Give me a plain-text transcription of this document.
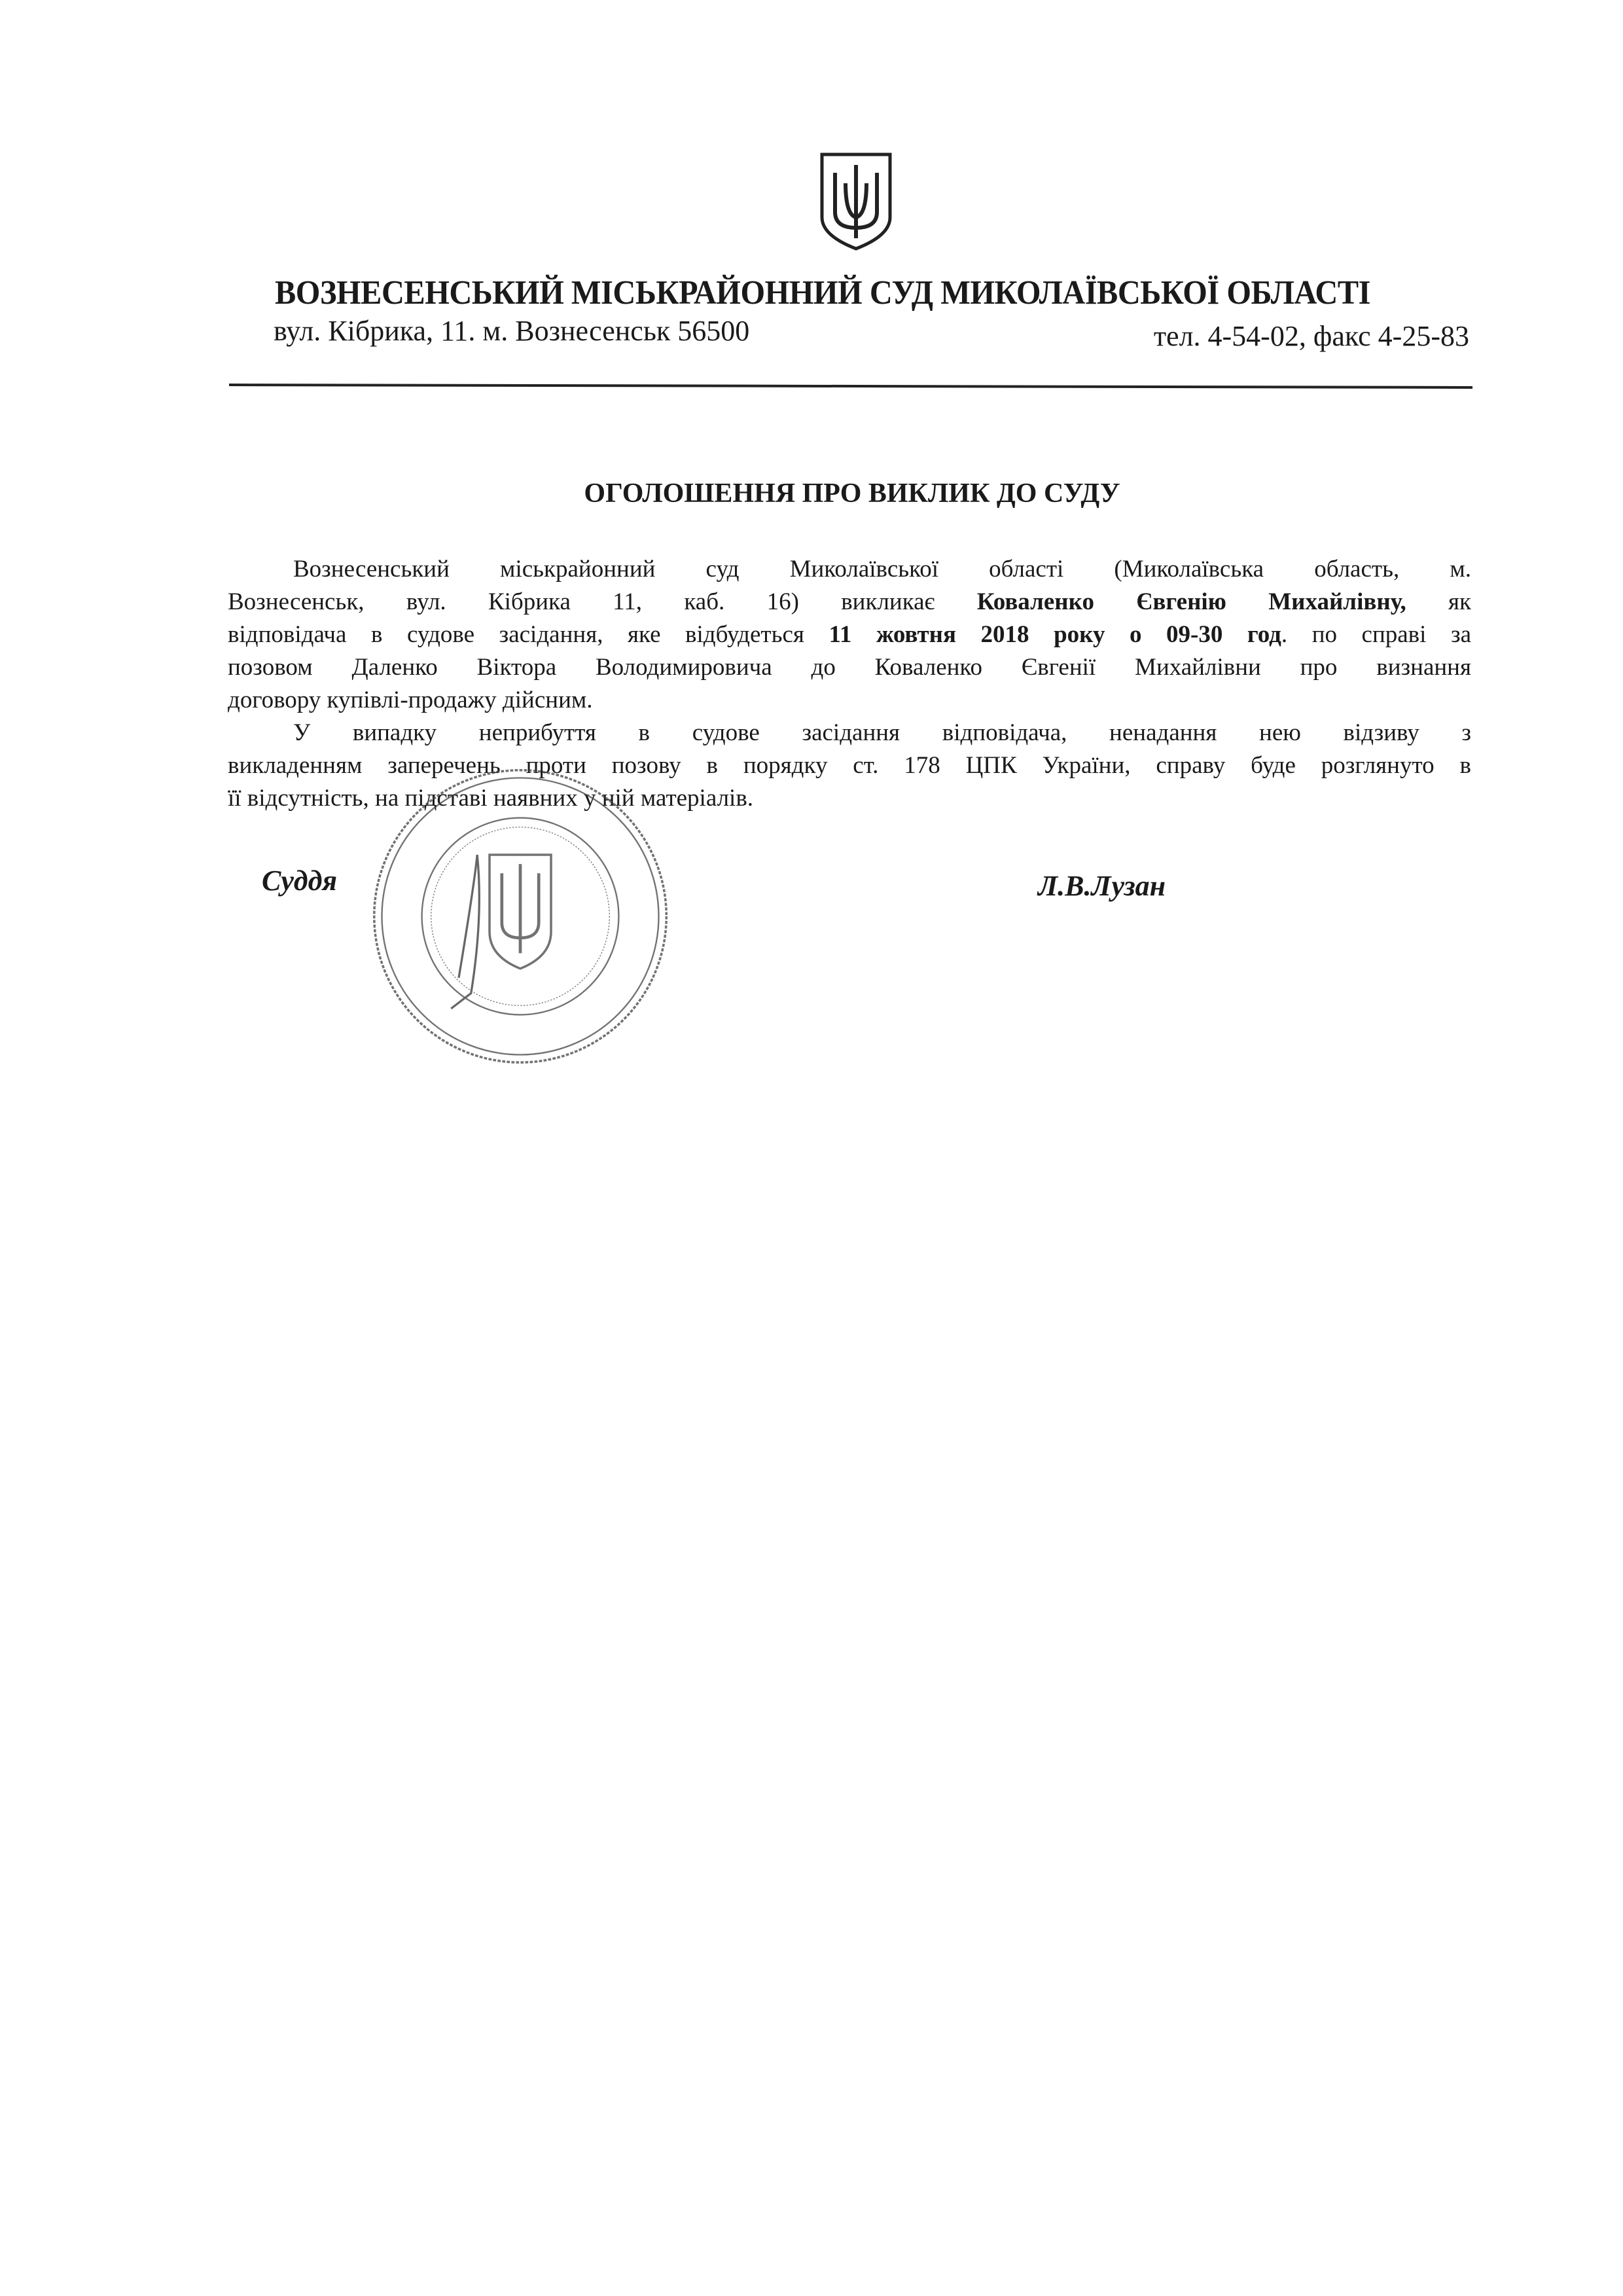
ВОЗНЕСЕНСЬКИЙ МІСЬКРАЙОННИЙ СУД МИКОЛАЇВСЬКОЇ ОБЛАСТІ
вул. Кібрика, 11. м. Вознесенськ 56500	тел. 4-54-02, факс 4-25-83
ОГОЛОШЕННЯ ПРО ВИКЛИК ДО СУДУ
Вознесенський міськрайонний суд Миколаївської області (Миколаївська область, м.
Вознесенськ, вул. Кібрика 11, каб. 16) викликає Коваленко Євгенію Михайлівну, як
відповідача в судове засідання, яке відбудеться 11 жовтня 2018 року о 09-30 год. по справі за
позовом Даленко Віктора Володимировича до Коваленко Євгенії Михайлівни про визнання
договору купівлі-продажу дійсним.
У випадку неприбуття в судове засідання відповідача, ненадання нею відзиву з
викладенням заперечень проти позову в порядку ст. 178 ЦПК України, справу буде розглянуто в
її відсутність, на підставі наявних у ній матеріалів.
Суддя	Л.В.Лузан
